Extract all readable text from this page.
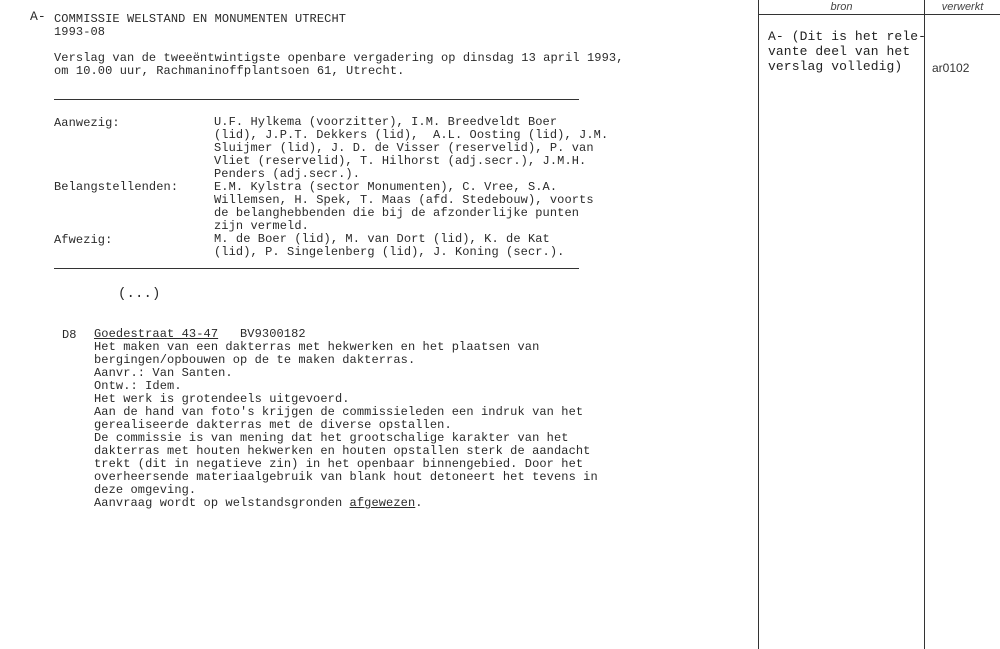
A- COMMISSIE WELSTAND EN MONUMENTEN UTRECHT
1993-08
Verslag van de tweeëntwintigste openbare vergadering op dinsdag 13 april 1993,
om 10.00 uur, Rachmaninoffplantsoen 61, Utrecht.
Aanwezig:	U.F. Hylkema (voorzitter), I.M. Breedveldt Boer
(lid), J.P.T. Dekkers (lid),  A.L. Oosting (lid), J.M.
Sluijmer (lid), J. D. de Visser (reservelid), P. van
Vliet (reservelid), T. Hilhorst (adj.secr.), J.M.H.
Penders (adj.secr.).
Belangstellenden:	E.M. Kylstra (sector Monumenten), C. Vree, S.A.
Willemsen, H. Spek, T. Maas (afd. Stedebouw), voorts
de belanghebbenden die bij de afzonderlijke punten
zijn vermeld.
Afwezig:	M. de Boer (lid), M. van Dort (lid), K. de Kat
(lid), P. Singelenberg (lid), J. Koning (secr.).
(...)
D8 Goedestraat 43-47 BV9300182
Het maken van een dakterras met hekwerken en het plaatsen van
bergingen/opbouwen op de te maken dakterras.
Aanvr.: Van Santen.
Ontw.: Idem.
Het werk is grotendeels uitgevoerd.
Aan de hand van foto's krijgen de commissieleden een indruk van het
gerealiseerde dakterras met de diverse opstallen.
De commissie is van mening dat het grootschalige karakter van het
dakterras met houten hekwerken en houten opstallen sterk de aandacht
trekt (dit in negatieve zin) in het openbaar binnengebied. Door het
overheersende materiaalgebruik van blank hout detoneert het tevens in
deze omgeving.
Aanvraag wordt op welstandsgronden afgewezen.
bron	verwerkt
A- (Dit is het rele-
vante deel van het
verslag volledig) ar0102
